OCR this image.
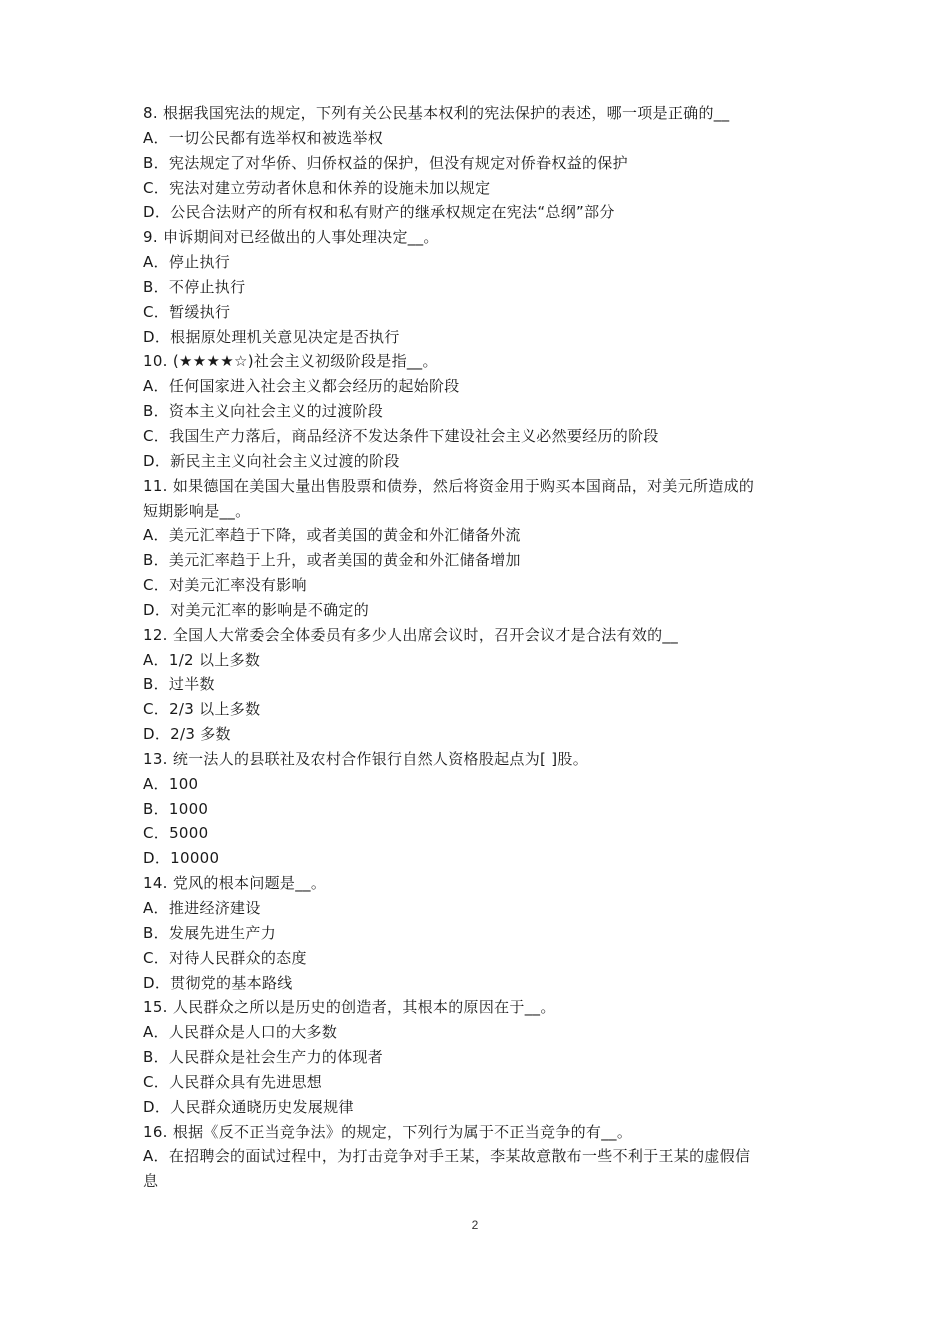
8. 根据我国宪法的规定，下列有关公民基本权利的宪法保护的表述，哪一项是正确的__
A．一切公民都有选举权和被选举权
B．宪法规定了对华侨、归侨权益的保护，但没有规定对侨眷权益的保护
C．宪法对建立劳动者休息和休养的设施未加以规定
D．公民合法财产的所有权和私有财产的继承权规定在宪法“总纲”部分
9. 申诉期间对已经做出的人事处理决定__。
A．停止执行
B．不停止执行
C．暂缓执行
D．根据原处理机关意见决定是否执行
10. (★★★★☆)社会主义初级阶段是指__。
A．任何国家进入社会主义都会经历的起始阶段
B．资本主义向社会主义的过渡阶段
C．我国生产力落后，商品经济不发达条件下建设社会主义必然要经历的阶段
D．新民主主义向社会主义过渡的阶段
11. 如果德国在美国大量出售股票和债券，然后将资金用于购买本国商品，对美元所造成的
短期影响是__。
A．美元汇率趋于下降，或者美国的黄金和外汇储备外流
B．美元汇率趋于上升，或者美国的黄金和外汇储备增加
C．对美元汇率没有影响
D．对美元汇率的影响是不确定的
12. 全国人大常委会全体委员有多少人出席会议时，召开会议才是合法有效的__
A．1/2 以上多数
B．过半数
C．2/3 以上多数
D．2/3 多数
13. 统一法人的县联社及农村合作银行自然人资格股起点为[ ]股。
A．100
B．1000
C．5000
D．10000
14. 党风的根本问题是__。
A．推进经济建设
B．发展先进生产力
C．对待人民群众的态度
D．贯彻党的基本路线
15. 人民群众之所以是历史的创造者，其根本的原因在于__。
A．人民群众是人口的大多数
B．人民群众是社会生产力的体现者
C．人民群众具有先进思想
D．人民群众通晓历史发展规律
16. 根据《反不正当竞争法》的规定，下列行为属于不正当竞争的有__。
A．在招聘会的面试过程中，为打击竞争对手王某，李某故意散布一些不利于王某的虚假信
息
2
